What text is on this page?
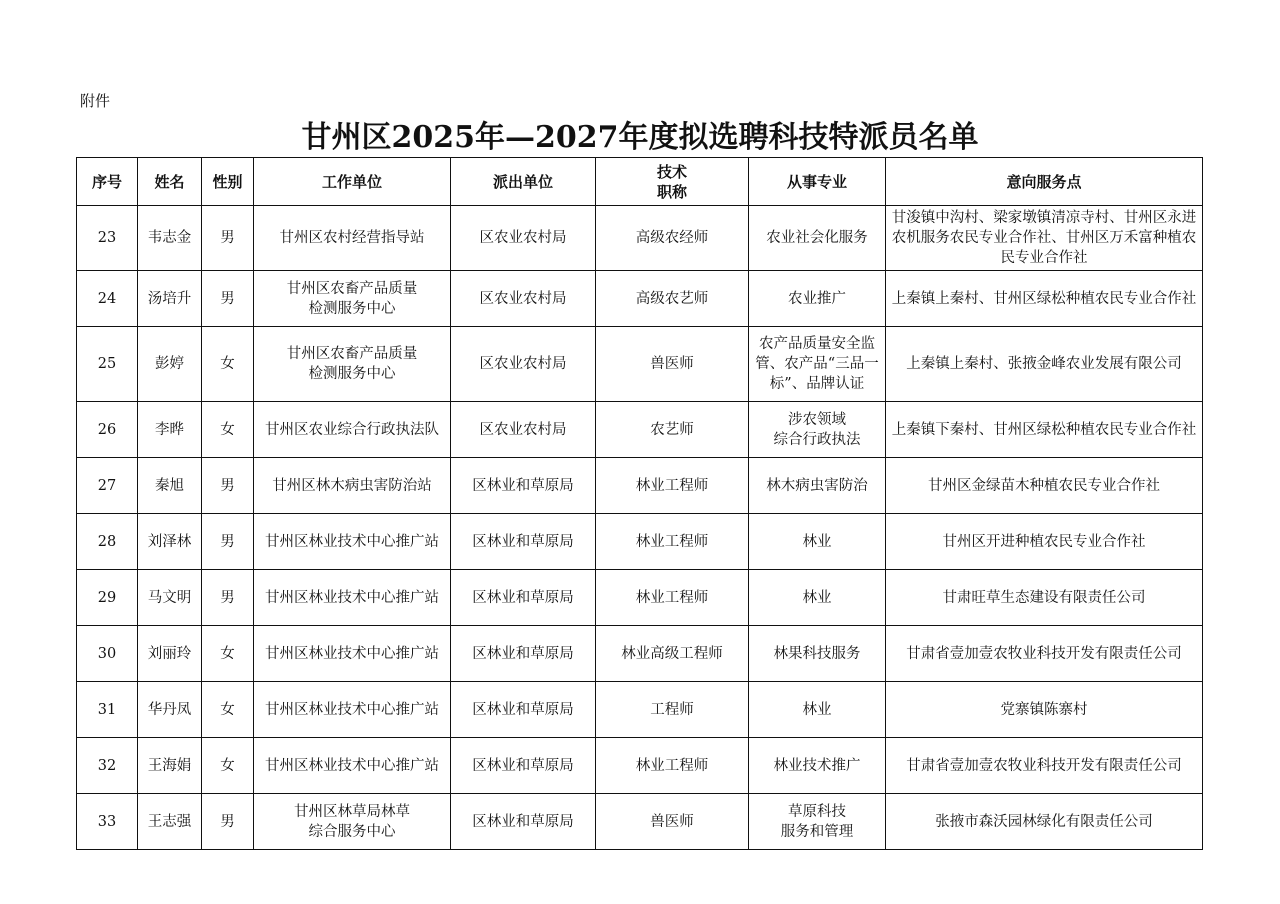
附件
甘州区2025年—2027年度拟选聘科技特派员名单
序号	姓名	性别	工作单位	派出单位	技术
职称	从事专业	意向服务点
23	韦志金	男	甘州区农村经营指导站	区农业农村局	高级农经师	农业社会化服务	甘浚镇中沟村、梁家墩镇清凉寺村、甘州区永进农机服务农民专业合作社、甘州区万禾富种植农民专业合作社
24	汤培升	男	甘州区农畜产品质量
检测服务中心	区农业农村局	高级农艺师	农业推广	上秦镇上秦村、甘州区绿松种植农民专业合作社
25	彭婷	女	甘州区农畜产品质量
检测服务中心	区农业农村局	兽医师	农产品质量安全监管、农产品“三品一标”、品牌认证	上秦镇上秦村、张掖金峰农业发展有限公司
26	李晔	女	甘州区农业综合行政执法队	区农业农村局	农艺师	涉农领域
综合行政执法	上秦镇下秦村、甘州区绿松种植农民专业合作社
27	秦旭	男	甘州区林木病虫害防治站	区林业和草原局	林业工程师	林木病虫害防治	甘州区金绿苗木种植农民专业合作社
28	刘泽林	男	甘州区林业技术中心推广站	区林业和草原局	林业工程师	林业	甘州区开进种植农民专业合作社
29	马文明	男	甘州区林业技术中心推广站	区林业和草原局	林业工程师	林业	甘肃旺草生态建设有限责任公司
30	刘丽玲	女	甘州区林业技术中心推广站	区林业和草原局	林业高级工程师	林果科技服务	甘肃省壹加壹农牧业科技开发有限责任公司
31	华丹凤	女	甘州区林业技术中心推广站	区林业和草原局	工程师	林业	党寨镇陈寨村
32	王海娟	女	甘州区林业技术中心推广站	区林业和草原局	林业工程师	林业技术推广	甘肃省壹加壹农牧业科技开发有限责任公司
33	王志强	男	甘州区林草局林草
综合服务中心	区林业和草原局	兽医师	草原科技
服务和管理	张掖市森沃园林绿化有限责任公司
